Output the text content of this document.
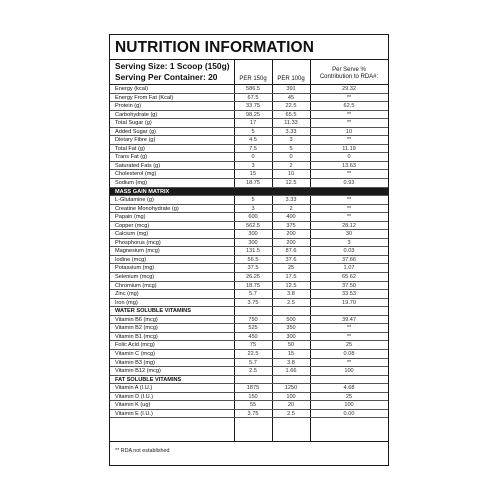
NUTRITION INFORMATION
Serving Size: 1 Scoop (150g)
Serving Per Container: 20	PER 150g	PER 100g
Per Serve %
Contribution to RDA#:
Energy (kcal)	586.5	391	29.32
Energy From Fat (Kcal)	67.5	45	**
Protein (g)	33.75	22.5	62.5
Carbohydrate (g)	98.25	65.5	**
Total Sugar (g)	17	11.33	**
Added Sugar (g)	5	3.33	10
Dietary Fibre (g)	4.5	3	**
Total Fat (g)	7.5	5	11.19
Trans Fat (g)	0	0	0
Saturated Fats (g)	3	2	13.63
Cholesterol (mg)	15	10	**
Sodium (mg)	18.75	12.5	0.93
MASS GAIN MATRIX
L-Glutamine (g)	5	3.33	**
Creatine Monohydrate (g)	3	2	**
Papain (mg)	600	400	**
Copper (mcg)	562.5	375	28.12
Calcium (mg)	300	200	30
Phosphorus (mcg)	300	200	3
Magnesium (mcg)	131.5	87.6	0.03
Iodine (mcg)	56.5	37.6	37.66
Potassium (mg)	37.5	25	1.07
Selenium (mcg)	26.25	17.5	65.62
Chromium (mcg)	18.75	12.5	37.50
Zinc (mg)	5.7	3.8	33.53
Iron (mg)	3.75	2.5	19.70
WATER SOLUBLE VITAMINS
Vitamin B6 (mcg)	750	500	39.47
Vitamin B2 (mcg)	525	350	**
Vitamin B1 (mcg)	450	300	**
Folic Acid (mcg)	75	50	25
Vitamin C (mcg)	22.5	15	0.08
Vitamin B3 (mg)	5.7	3.8	**
Vitamin B12 (mcg)	2.5	1.66	100
FAT SOLUBLE VITAMINS
Vitamin A (I.U.)	1875	1250	4.68
Vitamin D (I.U.)	150	100	25
Vitamin K (ug)	55	20	100
Vitamin E (I.U.)	3.75	2.5	0.00
** RDA not established
